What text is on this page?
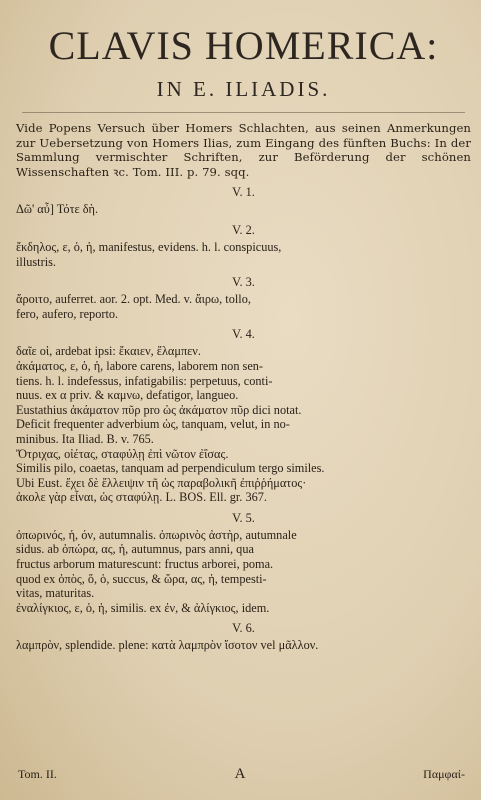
CLAVIS HOMERICA:
IN E. ILIADIS.

Vide Popens Versuch über Homers Schlachten, aus seinen Anmerkungen zur Uebersetzung von Homers Ilias, zum Eingang des fünften Buchs: In der Sammlung vermischter Schriften, zur Beförderung der schönen Wissenschaften ꝛc. Tom. III. p. 79. sqq.

V. 1.
Δῶ' αὖ] Τότε δὴ.
V. 2.
ἔκδηλος, ε, ὁ, ἡ, manifestus, evidens. h. l. conspicuus,
illustris.
V. 3.
ἄροιτο, auferret. aor. 2. opt. Med. v. ἄιρω, tollo,
fero, aufero, reporto.
V. 4.
δαῖε οἱ, ardebat ipsi: ἔκαιεν, ἔλαμπεν.
ἀκάματος, ε, ὁ, ἡ, labore carens, laborem non sen-
tiens. h. l. indefessus, infatigabilis: perpetuus, conti-
nuus. ex α priv. & καμνω, defatigor, langueo.
Eustathius ἀκάματον πῦρ pro ὡς ἀκάματον πῦρ dici notat.
Deficit frequenter adverbium ὡς, tanquam, velut, in no-
minibus. Ita Iliad. B. v. 765.
Ὄτριχας, οἰέτας, σταφύλῃ ἐπὶ νῶτον ἐΐσας.
Similis pilo, coaetas, tanquam ad perpendiculum tergo similes.
Ubi Eust. ἔχει δὲ ἔλλειψιν τῆ ὡς παραβολικῆ ἐπιῤῥήματος·
ἀκολε γὰρ εἶναι, ὡς σταφύλῃ. L. BOS. Ell. gr. 367.
V. 5.
ὀπωρινός, ἡ, όν, autumnalis. ὀπωρινὸς ἀστὴρ, autumnale
sidus. ab ὀπώρα, ας, ἡ, autumnus, pars anni, qua
fructus arborum maturescunt: fructus arborei, poma.
quod ex ὀπὸς, ὅ, ὁ, succus, & ὥρα, ας, ἡ, tempesti-
vitas, maturitas.
ἐναλίγκιος, ε, ὁ, ἡ, similis. ex ἐν, & ἀλίγκιος, idem.
V. 6.
λαμπρὸν, splendide. plene: κατὰ λαμπρὸν ἴσοτον vel μᾶλλον.
Tom. II.	A	Παμφαί-
